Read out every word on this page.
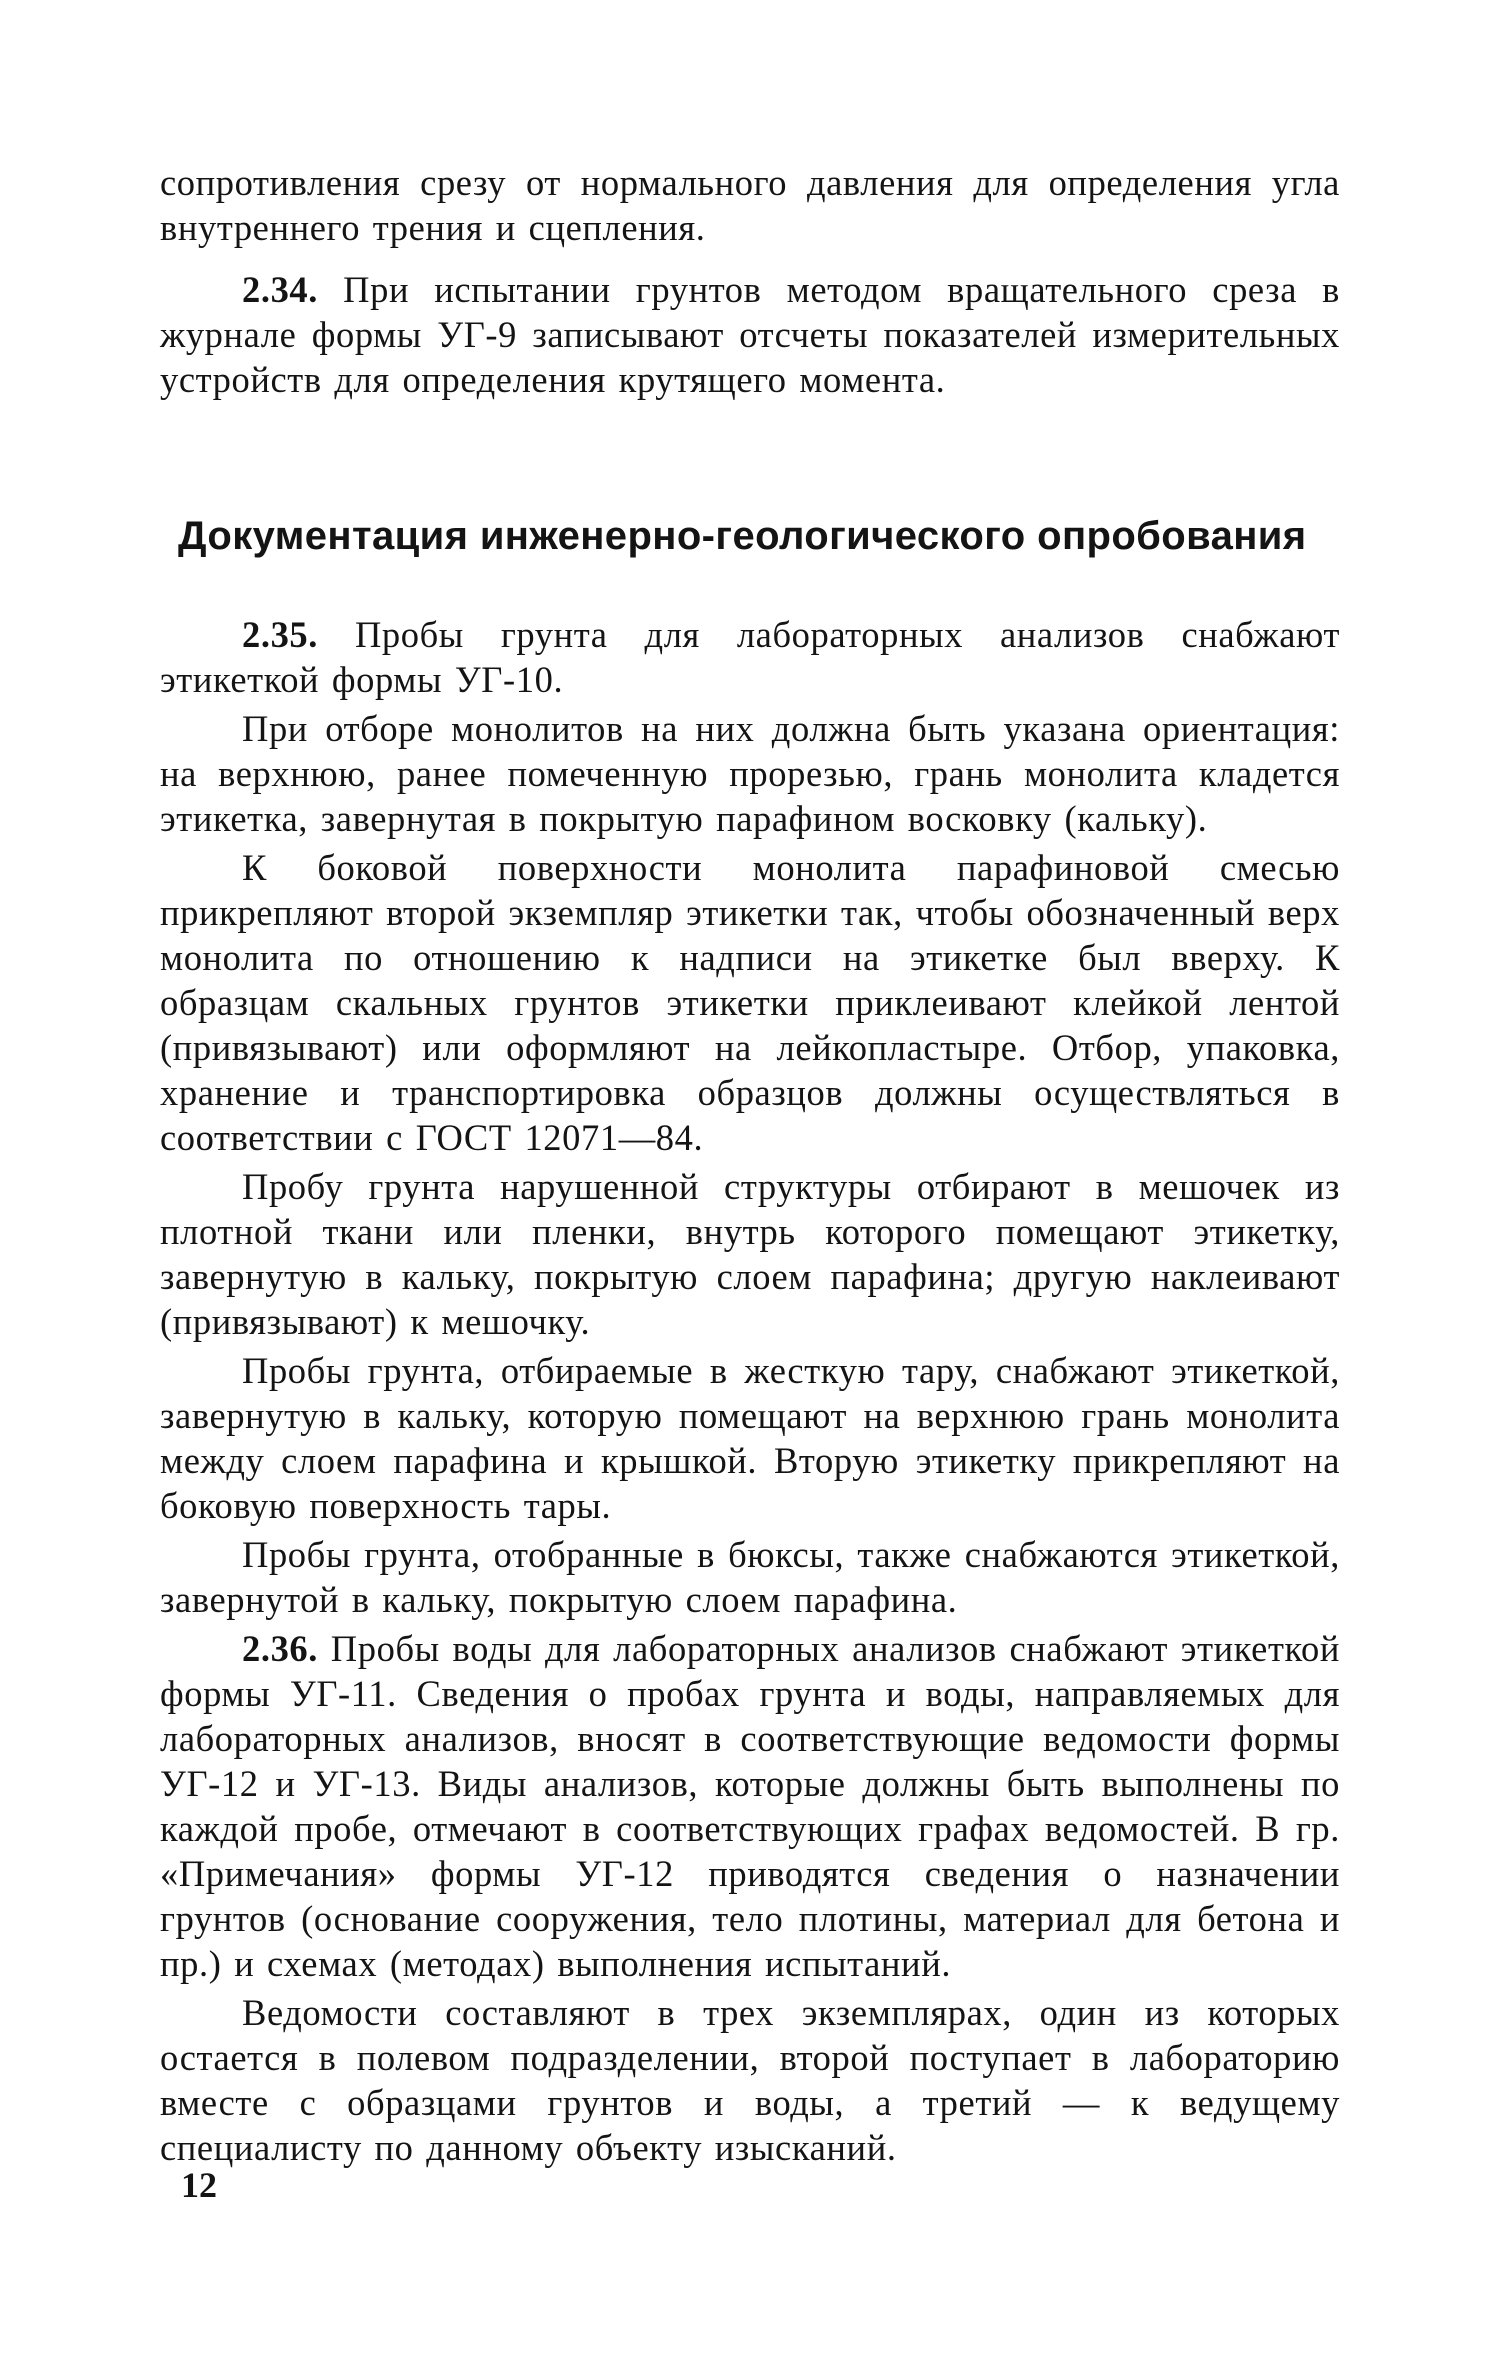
сопротивления срезу от нормального давления для определения угла внутреннего трения и сцепления.

2.34. При испытании грунтов методом вращательного среза в журнале формы УГ-9 записывают отсчеты показателей измерительных устройств для определения крутящего момента.

Документация инженерно-геологического опробования

2.35. Пробы грунта для лабораторных анализов снабжают этикеткой формы УГ-10.

При отборе монолитов на них должна быть указана ориентация: на верхнюю, ранее помеченную прорезью, грань монолита кладется этикетка, завернутая в покрытую парафином восковку (кальку).

К боковой поверхности монолита парафиновой смесью прикрепляют второй экземпляр этикетки так, чтобы обозначенный верх монолита по отношению к надписи на этикетке был вверху. К образцам скальных грунтов этикетки приклеивают клейкой лентой (привязывают) или оформляют на лейкопластыре. Отбор, упаковка, хранение и транспортировка образцов должны осуществляться в соответствии с ГОСТ 12071—84.

Пробу грунта нарушенной структуры отбирают в мешочек из плотной ткани или пленки, внутрь которого помещают этикетку, завернутую в кальку, покрытую слоем парафина; другую наклеивают (привязывают) к мешочку.

Пробы грунта, отбираемые в жесткую тару, снабжают этикеткой, завернутую в кальку, которую помещают на верхнюю грань монолита между слоем парафина и крышкой. Вторую этикетку прикрепляют на боковую поверхность тары.

Пробы грунта, отобранные в бюксы, также снабжаются этикеткой, завернутой в кальку, покрытую слоем парафина.

2.36. Пробы воды для лабораторных анализов снабжают этикеткой формы УГ-11. Сведения о пробах грунта и воды, направляемых для лабораторных анализов, вносят в соответствующие ведомости формы УГ-12 и УГ-13. Виды анализов, которые должны быть выполнены по каждой пробе, отмечают в соответствующих графах ведомостей. В гр. «Примечания» формы УГ-12 приводятся сведения о назначении грунтов (основание сооружения, тело плотины, материал для бетона и пр.) и схемах (методах) выполнения испытаний.

Ведомости составляют в трех экземплярах, один из которых остается в полевом подразделении, второй поступает в лабораторию вместе с образцами грунтов и воды, а третий — к ведущему специалисту по данному объекту изысканий.

12
